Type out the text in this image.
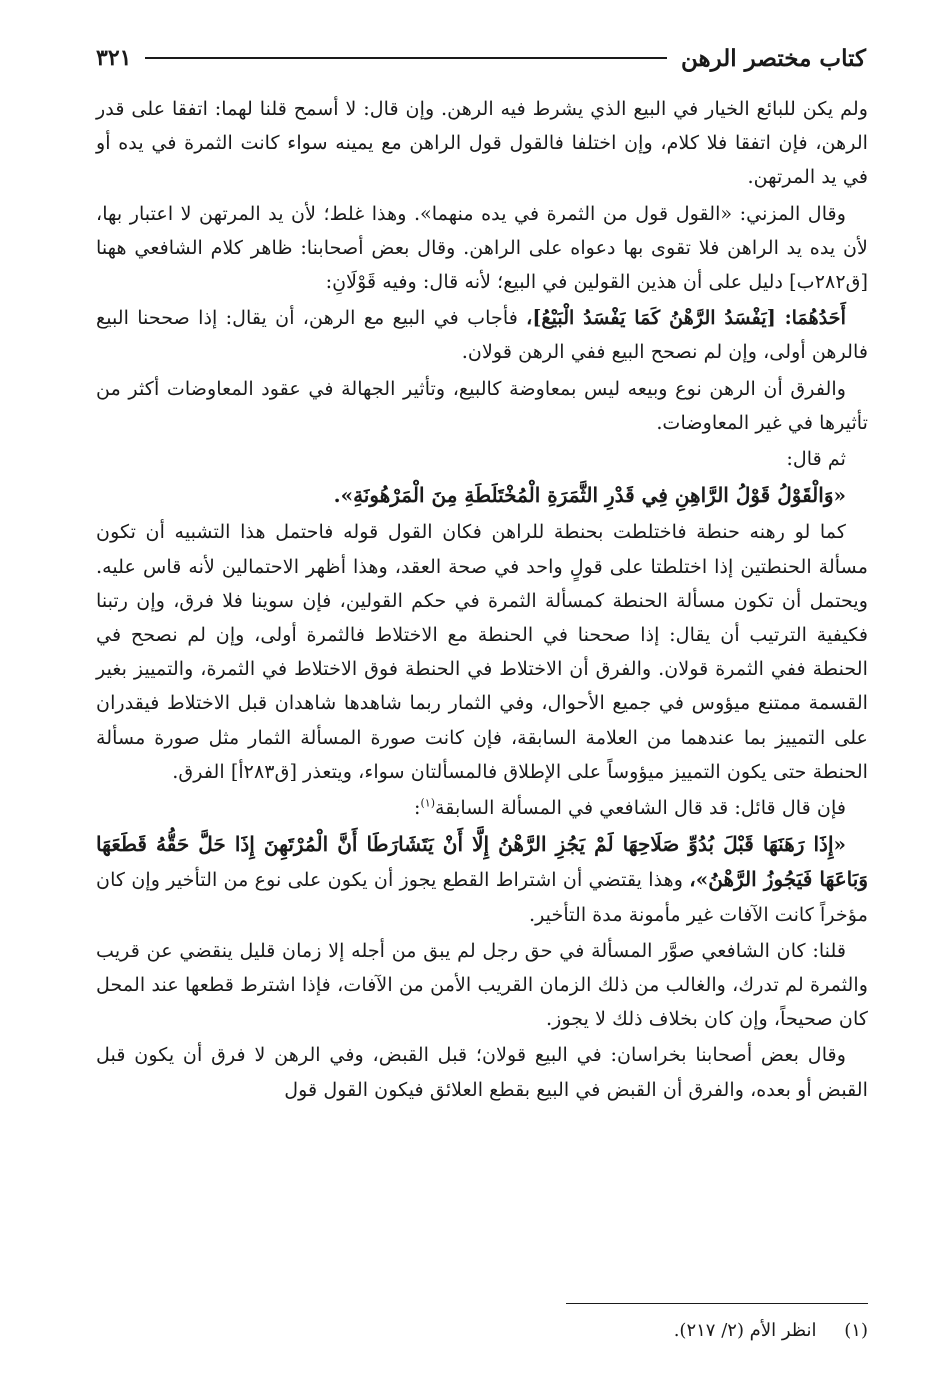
كتاب مختصر الرهن
٣٢١

ولم يكن للبائع الخيار في البيع الذي يشرط فيه الرهن. وإن قال: لا أسمح قلنا لهما: اتفقا على قدر الرهن، فإن اتفقا فلا كلام، وإن اختلفا فالقول قول الراهن مع يمينه سواء كانت الثمرة في يده أو في يد المرتهن.

وقال المزني: «القول قول من الثمرة في يده منهما». وهذا غلط؛ لأن يد المرتهن لا اعتبار بها، لأن يده يد الراهن فلا تقوى بها دعواه على الراهن. وقال بعض أصحابنا: ظاهر كلام الشافعي ههنا [ق٢٨٢ب] دليل على أن هذين القولين في البيع؛ لأنه قال: وفيه قَوْلَانِ:

أَحَدُهُمَا: [يَفْسَدُ الرَّهْنُ كَمَا يَفْسَدُ الْبَيْعُ]، فأجاب في البيع مع الرهن، أن يقال: إذا صححنا البيع فالرهن أولى، وإن لم نصحح البيع ففي الرهن قولان.

والفرق أن الرهن نوع وبيعه ليس بمعاوضة كالبيع، وتأثير الجهالة في عقود المعاوضات أكثر من تأثيرها في غير المعاوضات.

ثم قال:

«وَالْقَوْلُ قَوْلُ الرَّاهِنِ فِي قَدْرِ الثَّمَرَةِ الْمُخْتَلَطَةِ مِنَ الْمَرْهُونَةِ».

كما لو رهنه حنطة فاختلطت بحنطة للراهن فكان القول قوله فاحتمل هذا التشبيه أن تكون مسألة الحنطتين إذا اختلطتا على قولٍ واحد في صحة العقد، وهذا أظهر الاحتمالين لأنه قاس عليه. ويحتمل أن تكون مسألة الحنطة كمسألة الثمرة في حكم القولين، فإن سوينا فلا فرق، وإن رتبنا فكيفية الترتيب أن يقال: إذا صححنا في الحنطة مع الاختلاط فالثمرة أولى، وإن لم نصحح في الحنطة ففي الثمرة قولان. والفرق أن الاختلاط في الحنطة فوق الاختلاط في الثمرة، والتمييز بغير القسمة ممتنع ميؤوس في جميع الأحوال، وفي الثمار ربما شاهدها شاهدان قبل الاختلاط فيقدران على التمييز بما عندهما من العلامة السابقة، فإن كانت صورة المسألة الثمار مثل صورة مسألة الحنطة حتى يكون التمييز ميؤوساً على الإطلاق فالمسألتان سواء، ويتعذر [ق٢٨٣أ] الفرق.

فإن قال قائل: قد قال الشافعي في المسألة السابقة$^{(١)}$:

«إِذَا رَهَنَهَا قَبْلَ بُدُوِّ صَلَاحِهَا لَمْ يَجُزِ الرَّهْنُ إِلَّا أَنْ يَتَشَارَطَا أَنَّ الْمُرْتَهِنَ إِذَا حَلَّ حَقُّهُ قَطَعَهَا وَبَاعَهَا فَيَجُوزُ الرَّهْنُ»، وهذا يقتضي أن اشتراط القطع يجوز أن يكون على نوع من التأخير وإن كان مؤخراً كانت الآفات غير مأمونة مدة التأخير.

قلنا: كان الشافعي صوَّر المسألة في حق رجل لم يبق من أجله إلا زمان قليل ينقضي عن قريب والثمرة لم تدرك، والغالب من ذلك الزمان القريب الأمن من الآفات، فإذا اشترط قطعها عند المحل كان صحيحاً، وإن كان بخلاف ذلك لا يجوز.

وقال بعض أصحابنا بخراسان: في البيع قولان؛ قبل القبض، وفي الرهن لا فرق أن يكون قبل القبض أو بعده، والفرق أن القبض في البيع بقطع العلائق فيكون القول قول

(١) انظر الأم (٢/ ٢١٧).
